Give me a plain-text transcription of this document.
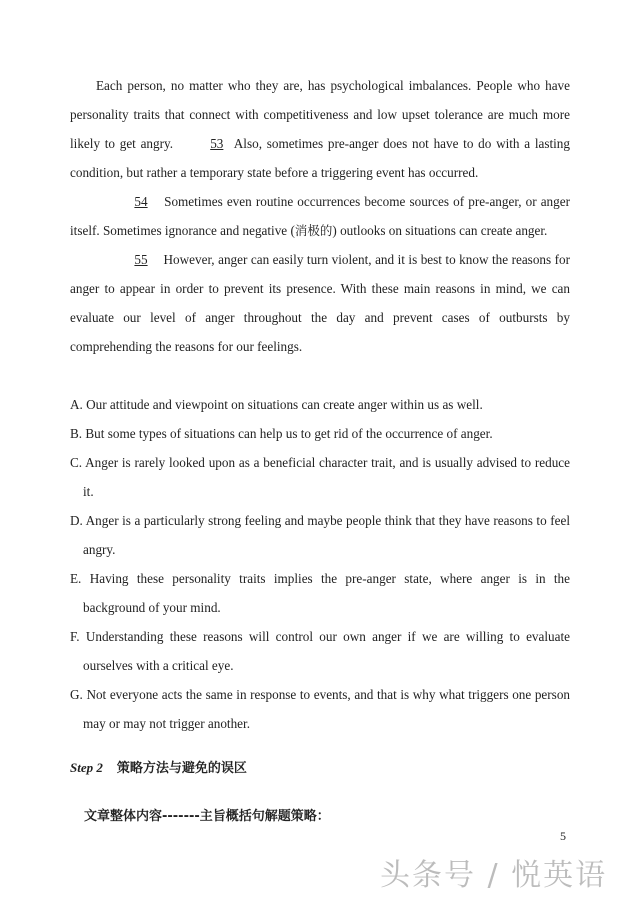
Each person, no matter who they are, has psychological imbalances. People who have personality traits that connect with competitiveness and low upset tolerance are much more likely to get angry.	53 Also, sometimes pre-anger does not have to do with a lasting condition, but rather a temporary state before a triggering event has occurred.

54 Sometimes even routine occurrences become sources of pre-anger, or anger itself. Sometimes ignorance and negative (消极的) outlooks on situations can create anger.

55 However, anger can easily turn violent, and it is best to know the reasons for anger to appear in order to prevent its presence. With these main reasons in mind, we can evaluate our level of anger throughout the day and prevent cases of outbursts by comprehending the reasons for our feelings.

A. Our attitude and viewpoint on situations can create anger within us as well.

B. But some types of situations can help us to get rid of the occurrence of anger.

C. Anger is rarely looked upon as a beneficial character trait, and is usually advised to reduce it.

D. Anger is a particularly strong feeling and maybe people think that they have reasons to feel angry.

E. Having these personality traits implies the pre-anger state, where anger is in the background of your mind.

F. Understanding these reasons will control our own anger if we are willing to evaluate ourselves with a critical eye.

G. Not everyone acts the same in response to events, and that is why what triggers one person may or may not trigger another.

Step 2 策略方法与避免的误区
文章整体内容-------主旨概括句解题策略：
5
头条号 / 悦英语
